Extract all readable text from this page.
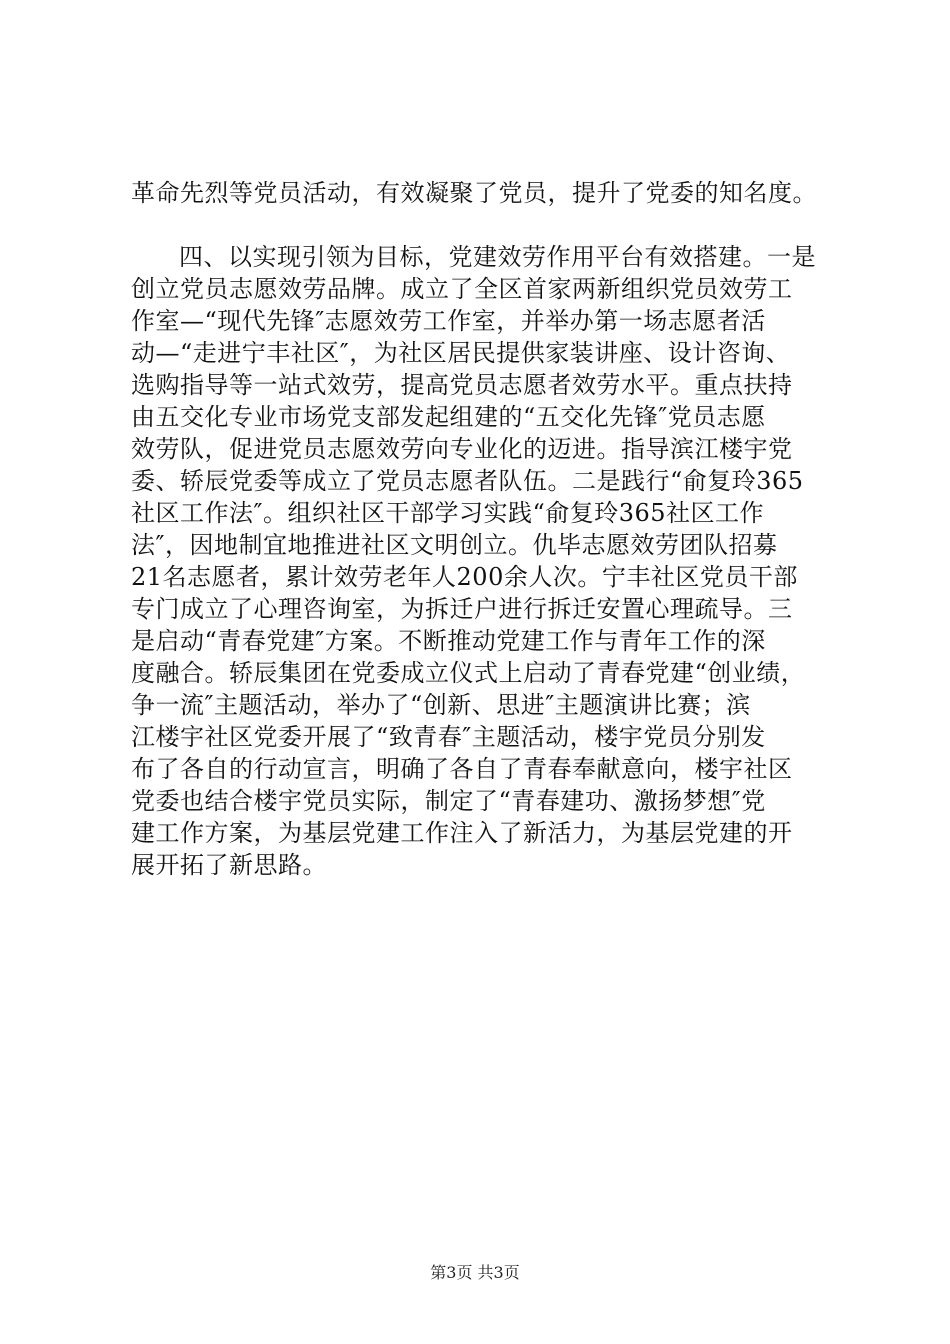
革命先烈等党员活动，有效凝聚了党员，提升了党委的知名度。
四、以实现引领为目标，党建效劳作用平台有效搭建。一是
创立党员志愿效劳品牌。成立了全区首家两新组织党员效劳工
作室—“现代先锋″志愿效劳工作室，并举办第一场志愿者活
动—“走进宁丰社区″，为社区居民提供家装讲座、设计咨询、
选购指导等一站式效劳，提高党员志愿者效劳水平。重点扶持
由五交化专业市场党支部发起组建的“五交化先锋″党员志愿
效劳队，促进党员志愿效劳向专业化的迈进。指导滨江楼宇党
委、轿辰党委等成立了党员志愿者队伍。二是践行“俞复玲365
社区工作法″。组织社区干部学习实践“俞复玲365社区工作
法″，因地制宜地推进社区文明创立。仇毕志愿效劳团队招募
21名志愿者，累计效劳老年人200余人次。宁丰社区党员干部
专门成立了心理咨询室，为拆迁户进行拆迁安置心理疏导。三
是启动“青春党建″方案。不断推动党建工作与青年工作的深
度融合。轿辰集团在党委成立仪式上启动了青春党建“创业绩，
争一流″主题活动，举办了“创新、思进″主题演讲比赛；滨
江楼宇社区党委开展了“致青春″主题活动，楼宇党员分别发
布了各自的行动宣言，明确了各自了青春奉献意向，楼宇社区
党委也结合楼宇党员实际，制定了“青春建功、激扬梦想″党
建工作方案，为基层党建工作注入了新活力，为基层党建的开
展开拓了新思路。
第3页 共3页
